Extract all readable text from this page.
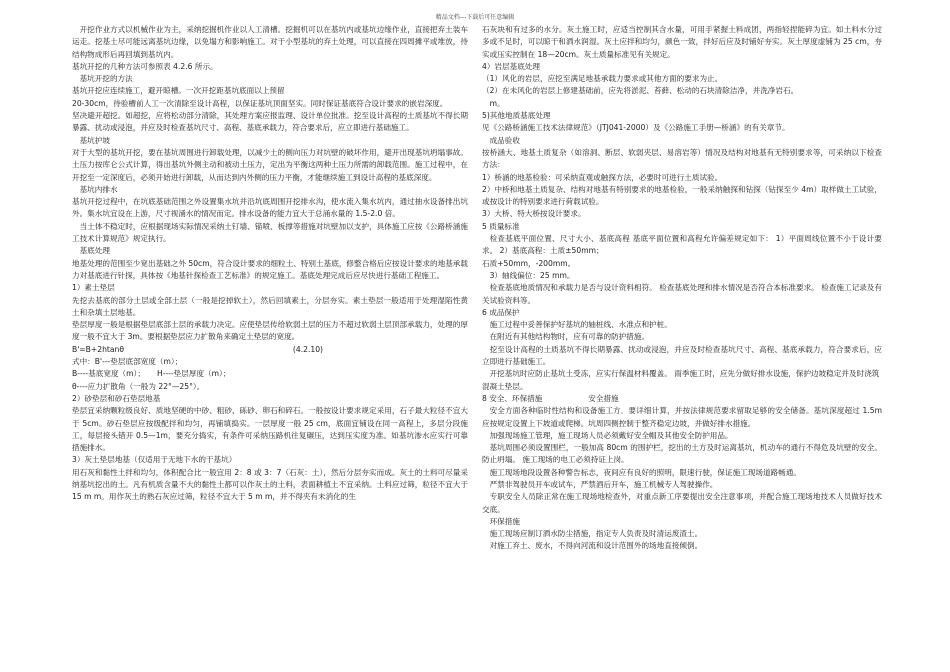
精品文档---下载后可任意编辑

开挖作业方式以机械作业为主，采纳挖掘机作业以人工清槽。挖掘机可以在基坑内或基坑边缘作业，直接把弃土装车运走。挖基土尽可能远离基坑边缘，以免塌方和影响施工。对于小型基坑的弃土处理，可以直接在四周摊平或堆放，待结构物成形后再回填到基坑内。

基坑开挖的几种方法可参照表 4.2.6 所示。

基坑开挖的方法

基坑开挖应连续施工，避开晾槽。一次开挖距基坑底面以上预留

20-30cm，待验槽前人工一次清除至设计高程，以保证基坑顶面坚实。同时保证基底符合设计要求的嵌岩深度。

坚决避开超挖。如超挖，应将松动部分清除，其处理方案应报监理、设计单位批准。挖至设计高程的土质基坑不得长期暴露、扰动或浸泡，并应及时检查基坑尺寸、高程、基底承载力，符合要求后，应立即进行基础施工。

基坑护坡

对于大型的基坑开挖，要在基坑周围进行卸载处理，以减少土的侧向压力对坑壁的破坏作用，避开出现基坑坍塌事故。土压力按库仑公式计算，得出基坑外侧主动和被动土压力，定出为平衡这两种土压力所需的卸载范围。施工过程中，在开挖至一定深度后，必须开始进行卸载，从而达到内外侧的压力平衡，才能继续施工到设计高程的基底深度。

基坑内排水

基坑开挖过程中，在坑底基础范围之外设置集水坑并沿坑底周围开挖排水沟，使水流入集水坑内，通过抽水设备排出坑外。集水坑宜设在上游，尺寸视涌水的情况而定。排水设备的能力宜大于总涌水量的 1.5-2.0 倍。

当土体不稳定时，应根据现场实际情况采纳土钉墙、锚喷、板撑等措施对坑壁加以支护，具体施工应按《公路桥涵施工技术计算规范》规定执行。

基底处理

地基处理的范围至少宽出基础之外 50cm，符合设计要求的细粒土、特别土基底，修整合格后应按设计要求的地基承载力对基底进行针探，具体按《地基针探检查工艺标准》的规定施工。基底处理完成后应尽快进行基础工程施工。

1）素土垫层

先挖去基底的部分土层或全部土层（一般是挖掉软土），然后回填素土，分层夯实。素土垫层一般适用于处理湿陷性黄土和杂填土层地基。

垫层厚度一般是根据垫层底部土层的承载力决定。应使垫层传给软弱土层的压力不超过软弱土层顶部承载力，处理的厚度一般不宜大于 3m。要根据垫层应力扩散角来确定土垫层的宽度。

B'=B+2htanθ                                                                      (4.2.10)

式中：B'---垫层底部宽度（m）；

B----基底宽度（m）；     H----垫层厚度（m）；

θ----应力扩散角（一般为 22°—25°）。

2）砂垫层和砂石垫层地基

垫层宜采纳颗粒级良好、质地坚硬的中砂、粗砂、砾砂、卵石和碎石。一般按设计要求规定采用，石子最大粒径不宜大于 5cm。砂石垫层应按级配拌和均匀，再铺填捣实。一层厚度一般 25 cm，底面宜铺设在同一高程上，多层分段施工，每层接头错开 0.5—1m，要充分捣实，有条件可采纳压路机往复碾压，达到压实度为准。如基坑渗水应实行可靠措施排水。

3）灰土垫层地基（仅适用于无地下水的干基坑）

用石灰和黏性土拌和均匀，体积配合比一般宜用 2：8 或 3：7（石灰：土），然后分层夯实而成。灰土的土料可尽量采纳基坑挖出的土。凡有机质含量不大的黏性土都可以作灰土的土料，表面耕植土不宜采纳。土料应过筛，粒径不宜大于 15 m m。用作灰土的熟石灰应过筛，粒径不宜大于 5 m m，并不得夹有未消化的生

石灰块和有过多的水分。灰土施工时，应适当控制其含水量，可用手紧握土料成团，两指轻捏能碎为宜。如土料水分过多或不足时，可以晾干和洒水润湿。灰土应拌和均匀，颜色一致，拌好后应及时铺好夯实。灰土厚度虚铺为 25 cm，夯实或压实控制在 18—20cm。灰土质量标准见有关规定。

4）岩层基底处理

（1）风化的岩层，应挖至满足地基承载力要求或其他方面的要求为止。

（2）在未风化的岩层上修建基础前，应先将淤泥、苔藓、松动的石块清除洁净，并洗净岩石。

m。

5)其他地质基底处理

见《公路桥涵施工技术法律规范》（JTJ041-2000）及《公路施工手册—桥涵》的有关章节。

成品验收

按桥涵大、地基土质复杂（如溶洞、断层、软弱夹层、易溶岩等）情况及结构对地基有无特别要求等，可采纳以下检查方法：

1）桥涵的地基检验：可采纳直观或触探方法，必要时可进行土质试验。

2）中桥和地基土质复杂、结构对地基有特别要求的地基检验，一般采纳触探和钻探（钻探至少 4m）取样做土工试验，或按设计的特别要求进行荷载试验。

3）大桥、特大桥按设计要求。

5 质量标准

检查基底平面位置、尺寸大小、基底高程 基底平面位置和高程允许偏差规定如下： 1）平面周线位置不小于设计要求。 2）基底高程：土质±50mm；

石质+50mm，-200mm。

3）轴线偏位：25 mm。

检查基底地质情况和承载力是否与设计资料相符。 检查基底处理和排水情况是否符合本标准要求。 检查施工记录及有关试验资料等。

6 成品保护

施工过程中妥善保护好基坑的轴桩线、水准点和护桩。

在附近有其他结构物时，应有可靠的防护措施。

挖至设计高程的土质基坑不得长期暴露、扰动或浸泡，并应及时检查基坑尺寸、高程、基底承载力，符合要求后，应立即进行基础施工。

开挖基坑时应防止基坑土受冻，应实行保温材料覆盖。 雨季施工时，应先分做好排水设施，保护边坡稳定并及时浇筑

混凝土垫层。

8 安全、环保措施                   安全措施

安全方面各种临时性结构和设备施工方．要详细计算，并按法律规范要求留取足够的安全储备。基坑深度超过 1.5m 应按规定设置上下坡道或爬梯。坑周四侧控制于整齐稳定边坡，并做好排水措施。

加强现场施工管理，施工现场人员必须戴好安全帽及其他安全防护用品。

基坑周围必须设置围栏，一般加高 80cm 的围护栏，挖出的土方及时运离基坑，机动车的通行不得危及坑壁的安全。防止坍塌。 施工现场的电工必须持证上岗。

施工现场地段设置各种警告标志，夜间应有良好的照明，限速行驶，保证施工现场道路畅通。

严禁非驾驶员开车或试车，严禁酒后开车，施工机械专人驾驶操作。

专职安全人员除正常在施工现场地检查外，对重点新工序要提出安全注意事项，并配合施工现场地技术人员做好技术交底。

环保措施

施工现场应制订洒水防尘措施，指定专人负责及时清运废渣土。

对施工弃土、废水，不得向河流和设计范围外的场地直接倾倒。
